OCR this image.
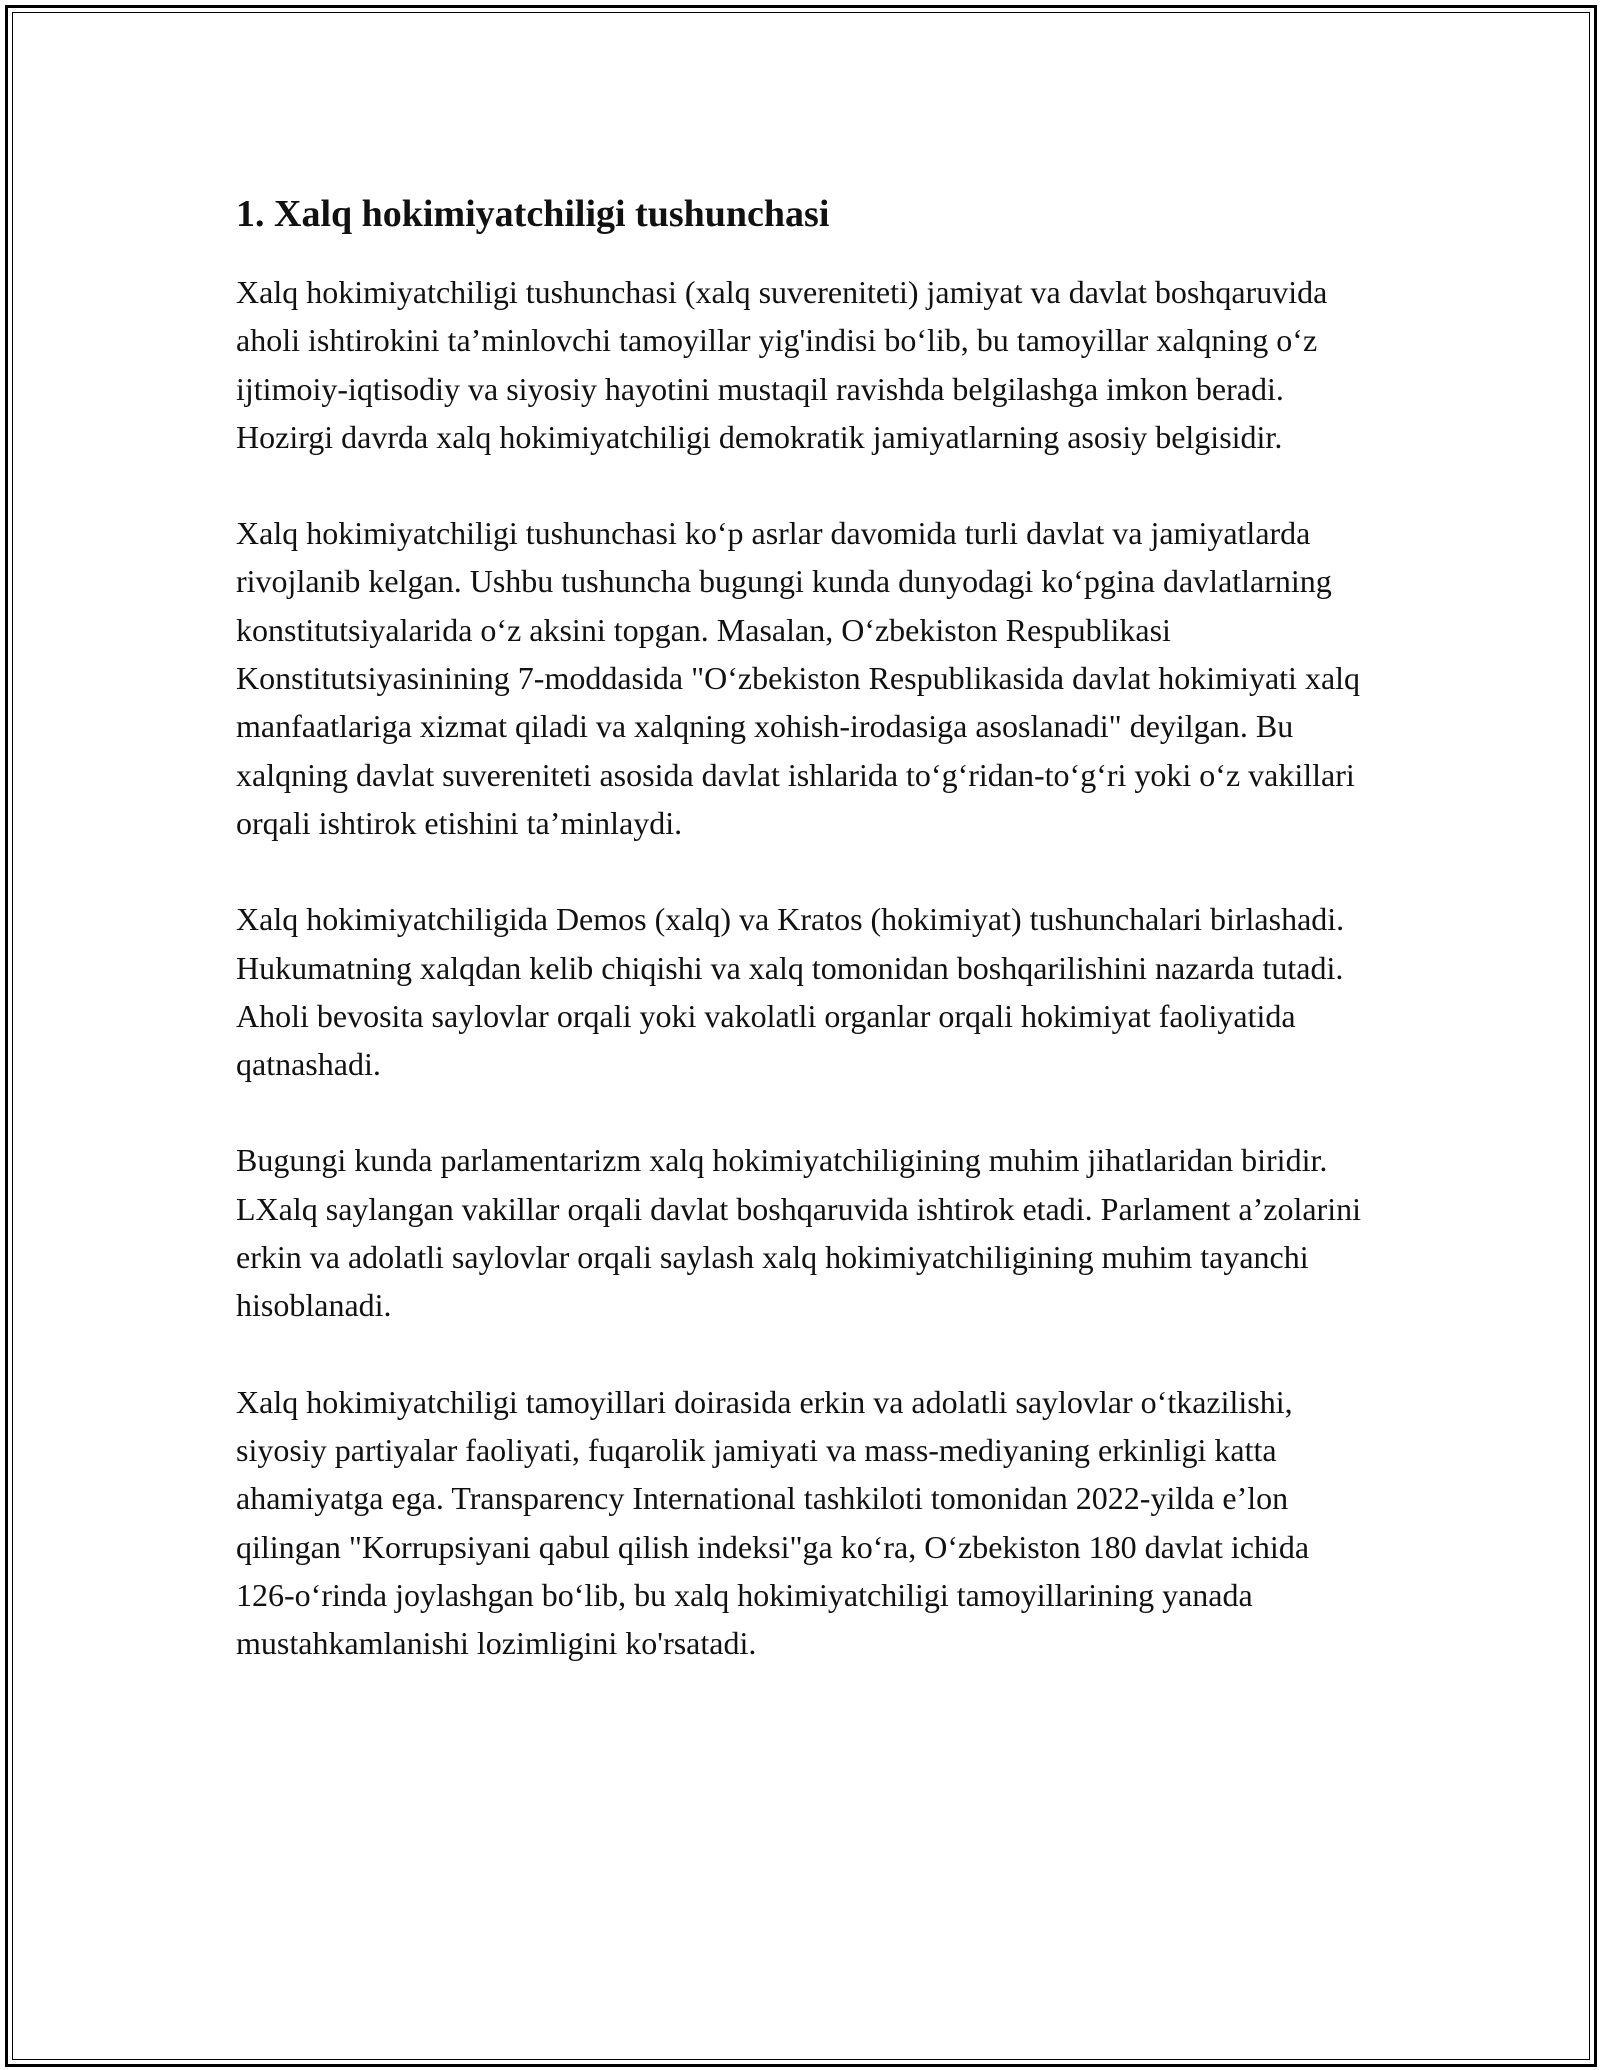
1. Xalq hokimiyatchiligi tushunchasi

Xalq hokimiyatchiligi tushunchasi (xalq suvereniteti) jamiyat va davlat boshqaruvida aholi ishtirokini taʼminlovchi tamoyillar yig'indisi boʻlib, bu tamoyillar xalqning oʻz ijtimoiy-iqtisodiy va siyosiy hayotini mustaqil ravishda belgilashga imkon beradi. Hozirgi davrda xalq hokimiyatchiligi demokratik jamiyatlarning asosiy belgisidir.

Xalq hokimiyatchiligi tushunchasi koʻp asrlar davomida turli davlat va jamiyatlarda rivojlanib kelgan. Ushbu tushuncha bugungi kunda dunyodagi koʻpgina davlatlarning konstitutsiyalarida oʻz aksini topgan. Masalan, Oʻzbekiston Respublikasi Konstitutsiyasinining 7-moddasida "Oʻzbekiston Respublikasida davlat hokimiyati xalq manfaatlariga xizmat qiladi va xalqning xohish-irodasiga asoslanadi" deyilgan. Bu xalqning davlat suvereniteti asosida davlat ishlarida toʻgʻridan-toʻgʻri yoki oʻz vakillari orqali ishtirok etishini taʼminlaydi.

Xalq hokimiyatchiligida Demos (xalq) va Kratos (hokimiyat) tushunchalari birlashadi. Hukumatning xalqdan kelib chiqishi va xalq tomonidan boshqarilishini nazarda tutadi. Aholi bevosita saylovlar orqali yoki vakolatli organlar orqali hokimiyat faoliyatida qatnashadi.

Bugungi kunda parlamentarizm xalq hokimiyatchiligining muhim jihatlaridan biridir. LXalq saylangan vakillar orqali davlat boshqaruvida ishtirok etadi. Parlament aʼzolarini erkin va adolatli saylovlar orqali saylash xalq hokimiyatchiligining muhim tayanchi hisoblanadi.

Xalq hokimiyatchiligi tamoyillari doirasida erkin va adolatli saylovlar oʻtkazilishi, siyosiy partiyalar faoliyati, fuqarolik jamiyati va mass-mediyaning erkinligi katta ahamiyatga ega. Transparency International tashkiloti tomonidan 2022-yilda eʼlon qilingan "Korrupsiyani qabul qilish indeksi"ga koʻra, Oʻzbekiston 180 davlat ichida 126-oʻrinda joylashgan boʻlib, bu xalq hokimiyatchiligi tamoyillarining yanada mustahkamlanishi lozimligini ko'rsatadi.
